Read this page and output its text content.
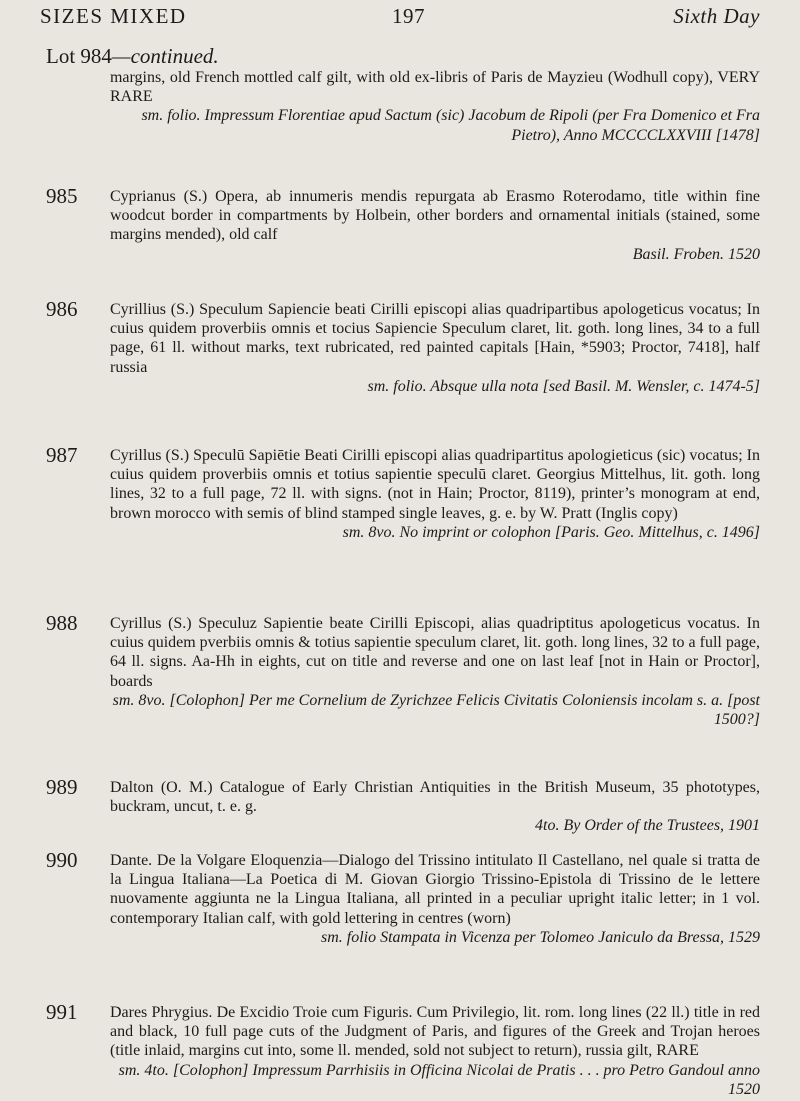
SIZES MIXED	197	Sixth Day
Lot 984—continued.

margins, old French mottled calf gilt, with old ex-libris of Paris de Mayzieu (Wodhull copy), VERY RARE

sm. folio. Impressum Florentiae apud Sactum (sic) Jacobum de Ripoli (per Fra Domenico et Fra Pietro), Anno MCCCCLXXVIII [1478]

985 Cyprianus (S.) Opera, ab innumeris mendis repurgata ab Erasmo Roterodamo, title within fine woodcut border in compartments by Holbein, other borders and ornamental initials (stained, some margins mended), old calf

Basil. Froben. 1520

986 Cyrillius (S.) Speculum Sapiencie beati Cirilli episcopi alias quadripartibus apologeticus vocatus; In cuius quidem proverbiis omnis et tocius Sapiencie Speculum claret, lit. goth. long lines, 34 to a full page, 61 ll. without marks, text rubricated, red painted capitals [Hain, *5903; Proctor, 7418], half russia

sm. folio. Absque ulla nota [sed Basil. M. Wensler, c. 1474-5]

987 Cyrillus (S.) Speculū Sapiētie Beati Cirilli episcopi alias quadripartitus apologieticus (sic) vocatus; In cuius quidem proverbiis omnis et totius sapientie speculū claret. Georgius Mittelhus, lit. goth. long lines, 32 to a full page, 72 ll. with signs. (not in Hain; Proctor, 8119), printer’s monogram at end, brown morocco with semis of blind stamped single leaves, g. e. by W. Pratt (Inglis copy)

sm. 8vo. No imprint or colophon [Paris. Geo. Mittelhus, c. 1496]

988 Cyrillus (S.) Speculuz Sapientie beate Cirilli Episcopi, alias quadriptitus apologeticus vocatus. In cuius quidem pverbiis omnis & totius sapientie speculum claret, lit. goth. long lines, 32 to a full page, 64 ll. signs. Aa-Hh in eights, cut on title and reverse and one on last leaf [not in Hain or Proctor], boards

sm. 8vo. [Colophon] Per me Cornelium de Zyrichzee Felicis Civitatis Coloniensis incolam s. a. [post 1500?]

989 Dalton (O. M.) Catalogue of Early Christian Antiquities in the British Museum, 35 phototypes, buckram, uncut, t. e. g.

4to. By Order of the Trustees, 1901

990 Dante. De la Volgare Eloquenzia—Dialogo del Trissino intitulato Il Castellano, nel quale si tratta de la Lingua Italiana—La Poetica di M. Giovan Giorgio Trissino-Epistola di Trissino de le lettere nuovamente aggiunta ne la Lingua Italiana, all printed in a peculiar upright italic letter; in 1 vol. contemporary Italian calf, with gold lettering in centres (worn)

sm. folio Stampata in Vicenza per Tolomeo Janiculo da Bressa, 1529

991 Dares Phrygius. De Excidio Troie cum Figuris. Cum Privilegio, lit. rom. long lines (22 ll.) title in red and black, 10 full page cuts of the Judgment of Paris, and figures of the Greek and Trojan heroes (title inlaid, margins cut into, some ll. mended, sold not subject to return), russia gilt, RARE

sm. 4to. [Colophon] Impressum Parrhisiis in Officina Nicolai de Pratis . . . pro Petro Gandoul anno 1520
